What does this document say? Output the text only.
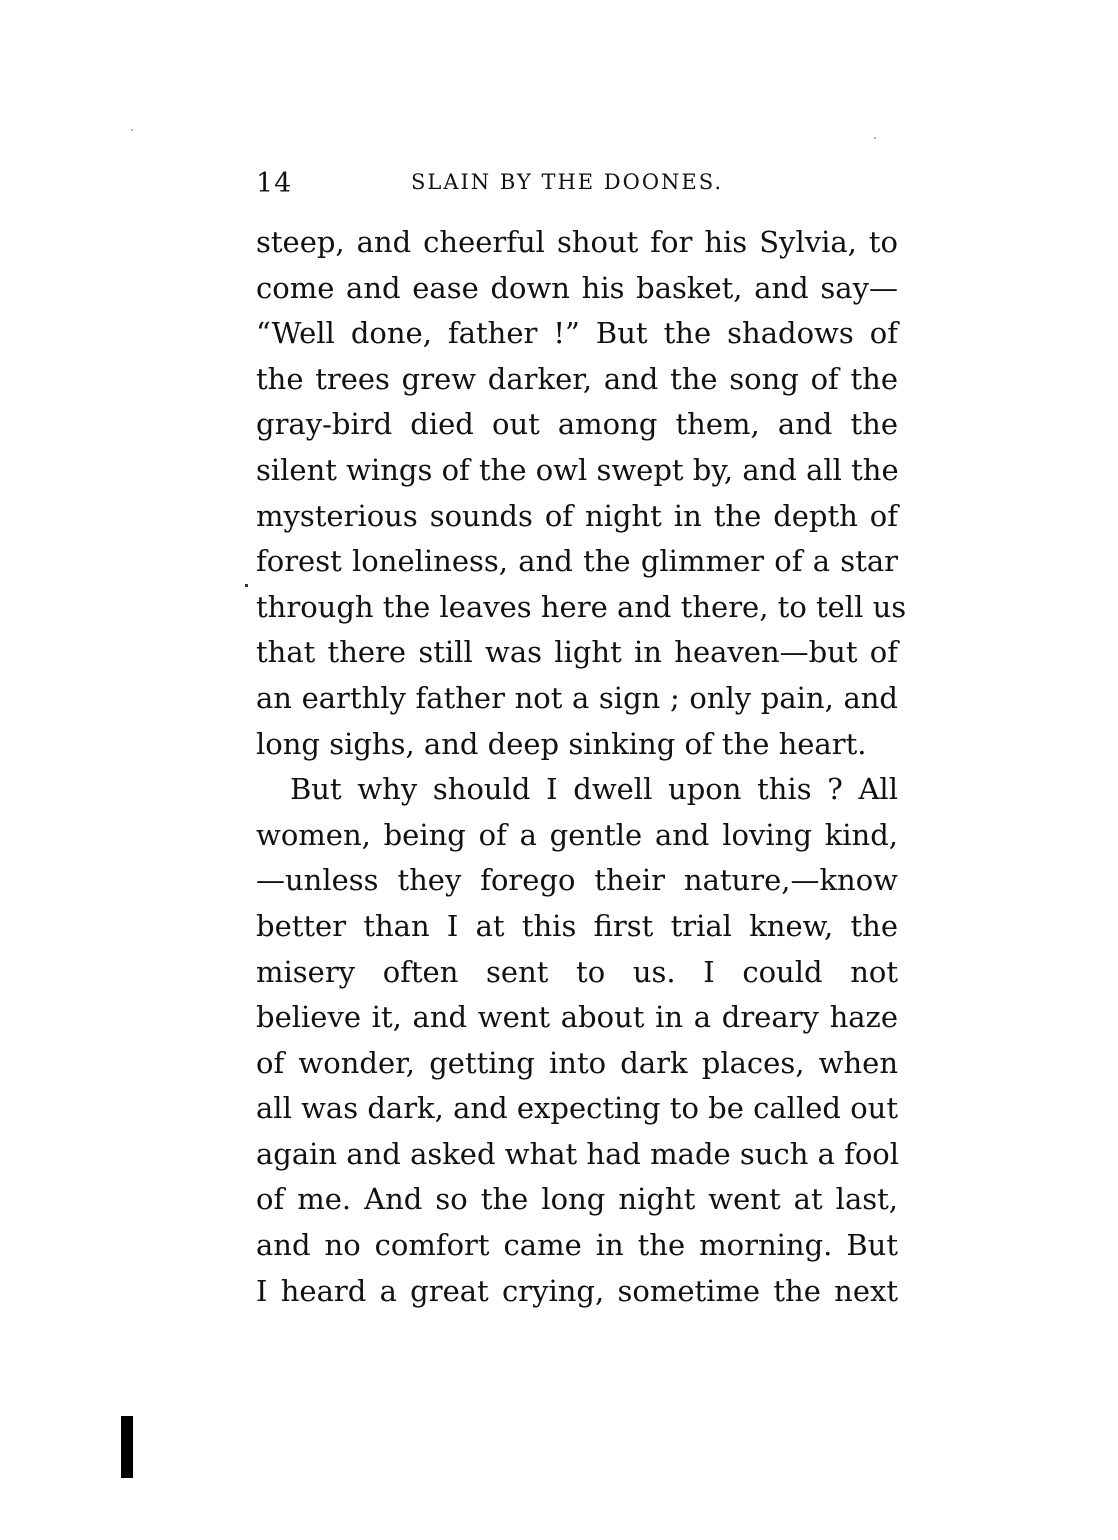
14	SLAIN BY THE DOONES.
steep, and cheerful shout for his Sylvia, to
come and ease down his basket, and say—
“Well done, father !” But the shadows of
the trees grew darker, and the song of the
gray-bird died out among them, and the
silent wings of the owl swept by, and all the
mysterious sounds of night in the depth of
forest loneliness, and the glimmer of a star
through the leaves here and there, to tell us
that there still was light in heaven—but of
an earthly father not a sign ; only pain, and
long sighs, and deep sinking of the heart.
But why should I dwell upon this ? All
women, being of a gentle and loving kind,
—unless they forego their nature,—know
better than I at this first trial knew, the
misery often sent to us. I could not
believe it, and went about in a dreary haze
of wonder, getting into dark places, when
all was dark, and expecting to be called out
again and asked what had made such a fool
of me. And so the long night went at last,
and no comfort came in the morning. But
I heard a great crying, sometime the next
